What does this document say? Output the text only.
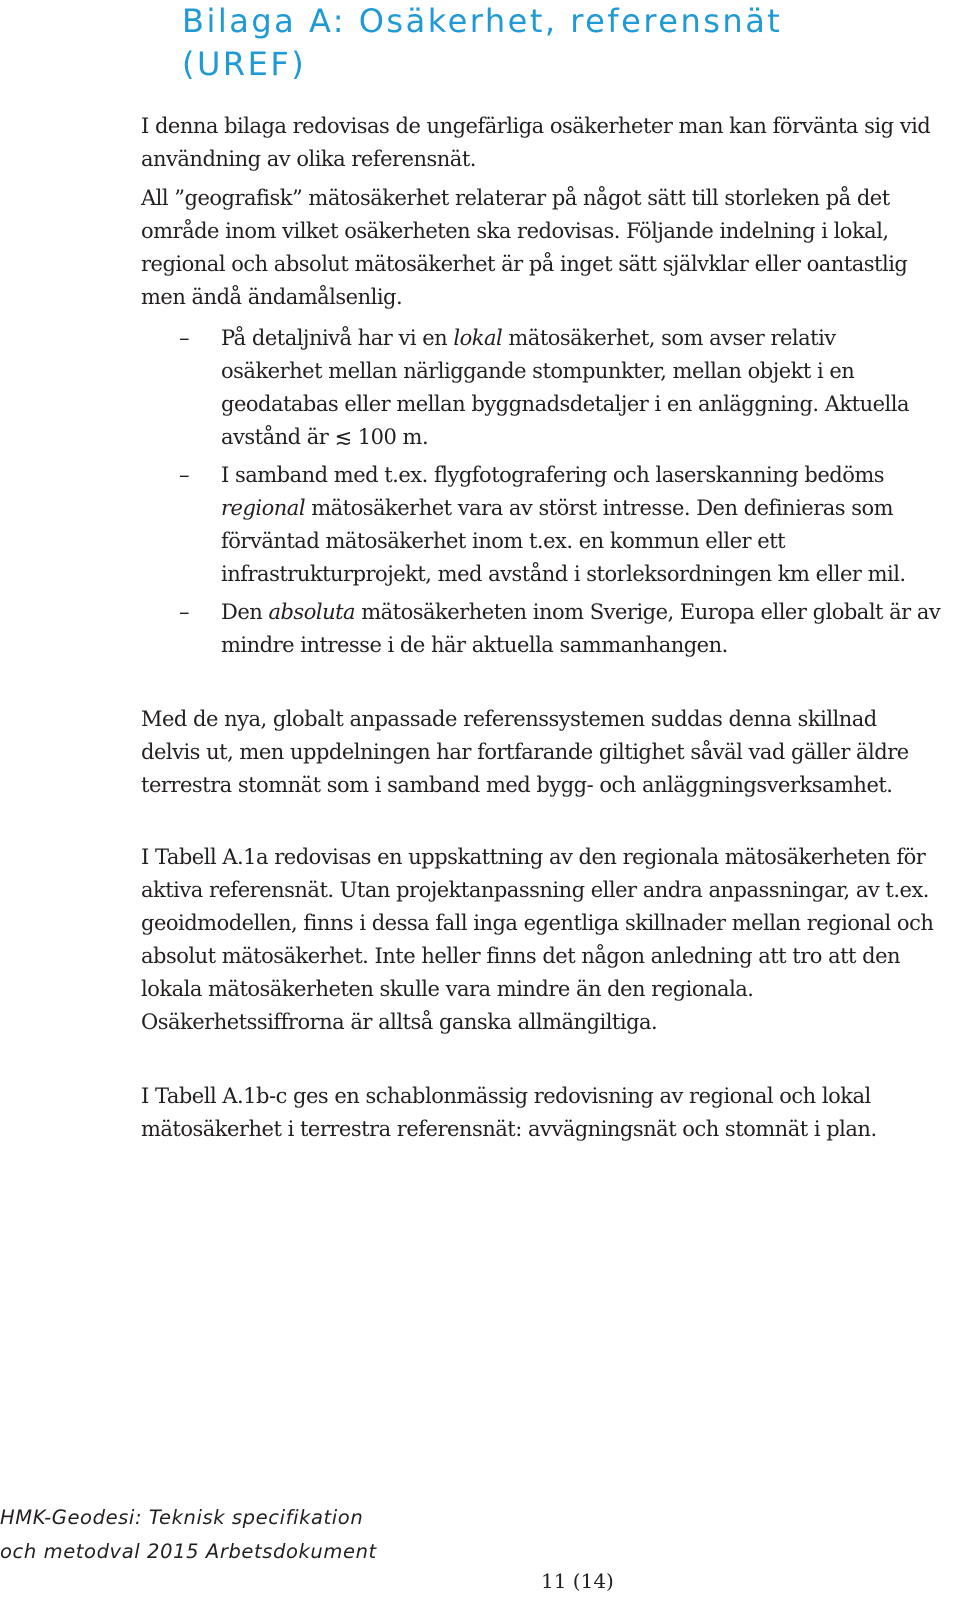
Bilaga A: Osäkerhet, referensnät
(UREF)

I denna bilaga redovisas de ungefärliga osäkerheter man kan förvänta sig vid användning av olika referensnät.

All ”geografisk” mätosäkerhet relaterar på något sätt till storleken på det område inom vilket osäkerheten ska redovisas. Följande indelning i lokal, regional och absolut mätosäkerhet är på inget sätt självklar eller oantastlig men ändå ändamålsenlig.

– På detaljnivå har vi en lokal mätosäkerhet, som avser relativ osäkerhet mellan närliggande stompunkter, mellan objekt i en geodatabas eller mellan byggnadsdetaljer i en anläggning. Aktuella avstånd är ≲ 100 m.
– I samband med t.ex. flygfotografering och laserskanning bedöms regional mätosäkerhet vara av störst intresse. Den definieras som förväntad mätosäkerhet inom t.ex. en kommun eller ett infrastrukturprojekt, med avstånd i storleksordningen km eller mil.
– Den absoluta mätosäkerheten inom Sverige, Europa eller globalt är av mindre intresse i de här aktuella sammanhangen.

Med de nya, globalt anpassade referenssystemen suddas denna skillnad delvis ut, men uppdelningen har fortfarande giltighet såväl vad gäller äldre terrestra stomnät som i samband med bygg- och anläggningsverksamhet.

I Tabell A.1a redovisas en uppskattning av den regionala mätosäkerheten för aktiva referensnät. Utan projektanpassning eller andra anpassningar, av t.ex. geoidmodellen, finns i dessa fall inga egentliga skillnader mellan regional och absolut mätosäkerhet. Inte heller finns det någon anledning att tro att den lokala mätosäkerheten skulle vara mindre än den regionala. Osäkerhetssiffrorna är alltså ganska allmängiltiga.

I Tabell A.1b-c ges en schablonmässig redovisning av regional och lokal mätosäkerhet i terrestra referensnät: avvägningsnät och stomnät i plan.

HMK-Geodesi: Teknisk specifikation
och metodval 2015 Arbetsdokument
11 (14)
